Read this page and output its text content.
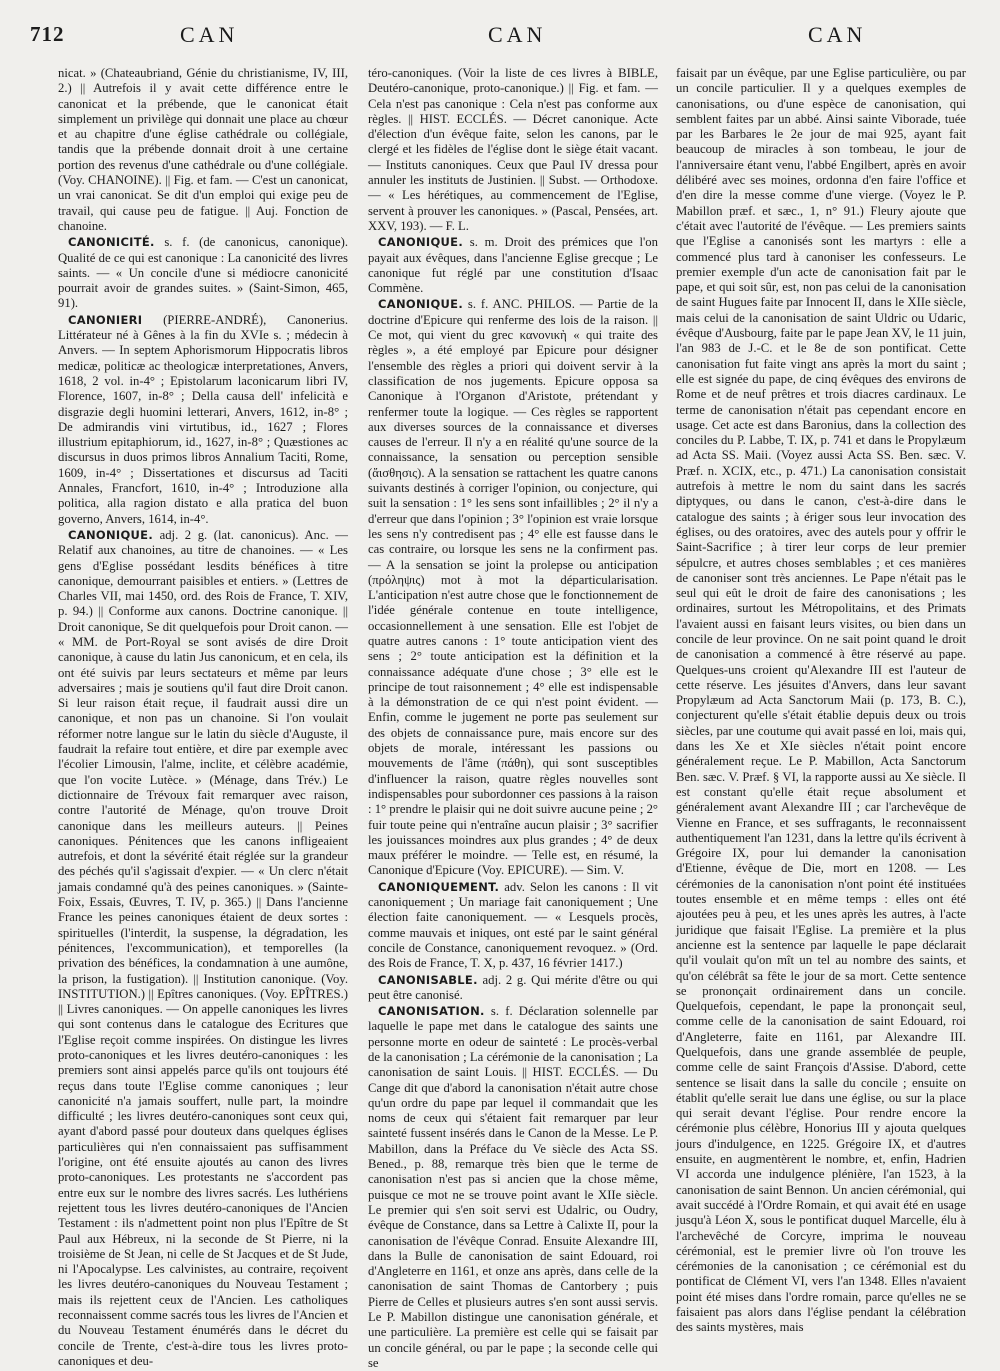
712	CAN	CAN	CAN

nicat. » (Chateaubriand, Génie du christianisme, IV, III, 2.) || Autrefois il y avait cette différence entre le canonicat et la prébende, que le canonicat était simplement un privilège qui donnait une place au chœur et au chapitre d'une église cathédrale ou collégiale, tandis que la prébende donnait droit à une certaine portion des revenus d'une cathédrale ou d'une collégiale. (Voy. CHANOINE). || Fig. et fam. — C'est un canonicat, un vrai canonicat. Se dit d'un emploi qui exige peu de travail, qui cause peu de fatigue. || Auj. Fonction de chanoine.

CANONICITÉ. s. f. (de canonicus, canonique). Qualité de ce qui est canonique : La canonicité des livres saints. — « Un concile d'une si médiocre canonicité pourrait avoir de grandes suites. » (Saint-Simon, 465, 91).

CANONIERI (PIERRE-ANDRÉ), Canonerius. Littérateur né à Gênes à la fin du XVIe s. ; médecin à Anvers. — In septem Aphorismorum Hippocratis libros medicæ, politicæ ac theologicæ interpretationes, Anvers, 1618, 2 vol. in-4° ; Epistolarum laconicarum libri IV, Florence, 1607, in-8° ; Della causa dell' infelicità e disgrazie degli huomini letterari, Anvers, 1612, in-8° ; De admirandis vini virtutibus, id., 1627 ; Flores illustrium epitaphiorum, id., 1627, in-8° ; Quæstiones ac discursus in duos primos libros Annalium Taciti, Rome, 1609, in-4° ; Dissertationes et discursus ad Taciti Annales, Francfort, 1610, in-4° ; Introduzione alla politica, alla ragion distato e alla pratica del buon governo, Anvers, 1614, in-4°.

CANONIQUE. adj. 2 g. (lat. canonicus). Anc. — Relatif aux chanoines, au titre de chanoines. — « Les gens d'Eglise possédant lesdits bénéfices à titre canonique, demourrant paisibles et entiers. » (Lettres de Charles VII, mai 1450, ord. des Rois de France, T. XIV, p. 94.) || Conforme aux canons. Doctrine canonique. || Droit canonique, Se dit quelquefois pour Droit canon. — « MM. de Port-Royal se sont avisés de dire Droit canonique, à cause du latin Jus canonicum, et en cela, ils ont été suivis par leurs sectateurs et même par leurs adversaires ; mais je soutiens qu'il faut dire Droit canon. Si leur raison était reçue, il faudrait aussi dire un canonique, et non pas un chanoine. Si l'on voulait réformer notre langue sur le latin du siècle d'Auguste, il faudrait la refaire tout entière, et dire par exemple avec l'écolier Limousin, l'alme, inclite, et célèbre académie, que l'on vocite Lutèce. » (Ménage, dans Trév.) Le dictionnaire de Trévoux fait remarquer avec raison, contre l'autorité de Ménage, qu'on trouve Droit canonique dans les meilleurs auteurs. || Peines canoniques. Pénitences que les canons infligeaient autrefois, et dont la sévérité était réglée sur la grandeur des péchés qu'il s'agissait d'expier. — « Un clerc n'était jamais condamné qu'à des peines canoniques. » (Sainte-Foix, Essais, Œuvres, T. IV, p. 365.) || Dans l'ancienne France les peines canoniques étaient de deux sortes : spirituelles (l'interdit, la suspense, la dégradation, les pénitences, l'excommunication), et temporelles (la privation des bénéfices, la condamnation à une aumône, la prison, la fustigation). || Institution canonique. (Voy. INSTITUTION.) || Epîtres canoniques. (Voy. EPÎTRES.) || Livres canoniques. — On appelle canoniques les livres qui sont contenus dans le catalogue des Ecritures que l'Eglise reçoit comme inspirées. On distingue les livres proto-canoniques et les livres deutéro-canoniques : les premiers sont ainsi appelés parce qu'ils ont toujours été reçus dans toute l'Eglise comme canoniques ; leur canonicité n'a jamais souffert, nulle part, la moindre difficulté ; les livres deutéro-canoniques sont ceux qui, ayant d'abord passé pour douteux dans quelques églises particulières qui n'en connaissaient pas suffisamment l'origine, ont été ensuite ajoutés au canon des livres proto-canoniques. Les protestants ne s'accordent pas entre eux sur le nombre des livres sacrés. Les luthériens rejettent tous les livres deutéro-canoniques de l'Ancien Testament : ils n'admettent point non plus l'Epître de St Paul aux Hébreux, ni la seconde de St Pierre, ni la troisième de St Jean, ni celle de St Jacques et de St Jude, ni l'Apocalypse. Les calvinistes, au contraire, reçoivent les livres deutéro-canoniques du Nouveau Testament ; mais ils rejettent ceux de l'Ancien. Les catholiques reconnaissent comme sacrés tous les livres de l'Ancien et du Nouveau Testament énumérés dans le décret du concile de Trente, c'est-à-dire tous les livres proto-canoniques et deu-

téro-canoniques. (Voir la liste de ces livres à BIBLE, Deutéro-canonique, proto-canonique.) || Fig. et fam. — Cela n'est pas canonique : Cela n'est pas conforme aux règles. || HIST. ECCLÉS. — Décret canonique. Acte d'élection d'un évêque faite, selon les canons, par le clergé et les fidèles de l'église dont le siège était vacant. — Instituts canoniques. Ceux que Paul IV dressa pour annuler les instituts de Justinien. || Subst. — Orthodoxe. — « Les hérétiques, au commencement de l'Eglise, servent à prouver les canoniques. » (Pascal, Pensées, art. XXV, 193). — F. L.

CANONIQUE. s. m. Droit des prémices que l'on payait aux évêques, dans l'ancienne Eglise grecque ; Le canonique fut réglé par une constitution d'Isaac Commène.

CANONIQUE. s. f. ANC. PHILOS. — Partie de la doctrine d'Epicure qui renferme des lois de la raison. || Ce mot, qui vient du grec κανονικὴ « qui traite des règles », a été employé par Epicure pour désigner l'ensemble des règles a priori qui doivent servir à la classification de nos jugements. Epicure opposa sa Canonique à l'Organon d'Aristote, prétendant y renfermer toute la logique. — Ces règles se rapportent aux diverses sources de la connaissance et diverses causes de l'erreur. Il n'y a en réalité qu'une source de la connaissance, la sensation ou perception sensible (ἄισθησις). A la sensation se rattachent les quatre canons suivants destinés à corriger l'opinion, ou conjecture, qui suit la sensation : 1° les sens sont infaillibles ; 2° il n'y a d'erreur que dans l'opinion ; 3° l'opinion est vraie lorsque les sens n'y contredisent pas ; 4° elle est fausse dans le cas contraire, ou lorsque les sens ne la confirment pas. — A la sensation se joint la prolepse ou anticipation (πρόληψις) mot à mot la départicularisation. L'anticipation n'est autre chose que le fonctionnement de l'idée générale contenue en toute intelligence, occasionnellement à une sensation. Elle est l'objet de quatre autres canons : 1° toute anticipation vient des sens ; 2° toute anticipation est la définition et la connaissance adéquate d'une chose ; 3° elle est le principe de tout raisonnement ; 4° elle est indispensable à la démonstration de ce qui n'est point évident. — Enfin, comme le jugement ne porte pas seulement sur des objets de connaissance pure, mais encore sur des objets de morale, intéressant les passions ou mouvements de l'âme (πάθη), qui sont susceptibles d'influencer la raison, quatre règles nouvelles sont indispensables pour subordonner ces passions à la raison : 1° prendre le plaisir qui ne doit suivre aucune peine ; 2° fuir toute peine qui n'entraîne aucun plaisir ; 3° sacrifier les jouissances moindres aux plus grandes ; 4° de deux maux préférer le moindre. — Telle est, en résumé, la Canonique d'Epicure (Voy. EPICURE). — Sim. V.

CANONIQUEMENT. adv. Selon les canons : Il vit canoniquement ; Un mariage fait canoniquement ; Une élection faite canoniquement. — « Lesquels procès, comme mauvais et iniques, ont esté par le saint général concile de Constance, canoniquement revoquez. » (Ord. des Rois de France, T. X, p. 437, 16 février 1417.)

CANONISABLE. adj. 2 g. Qui mérite d'être ou qui peut être canonisé.

CANONISATION. s. f. Déclaration solennelle par laquelle le pape met dans le catalogue des saints une personne morte en odeur de sainteté : Le procès-verbal de la canonisation ; La cérémonie de la canonisation ; La canonisation de saint Louis. || HIST. ECCLÉS. — Du Cange dit que d'abord la canonisation n'était autre chose qu'un ordre du pape par lequel il commandait que les noms de ceux qui s'étaient fait remarquer par leur sainteté fussent insérés dans le Canon de la Messe. Le P. Mabillon, dans la Préface du Ve siècle des Acta SS. Bened., p. 88, remarque très bien que le terme de canonisation n'est pas si ancien que la chose même, puisque ce mot ne se trouve point avant le XIIe siècle. Le premier qui s'en soit servi est Udalric, ou Oudry, évêque de Constance, dans sa Lettre à Calixte II, pour la canonisation de l'évêque Conrad. Ensuite Alexandre III, dans la Bulle de canonisation de saint Edouard, roi d'Angleterre en 1161, et onze ans après, dans celle de la canonisation de saint Thomas de Cantorbery ; puis Pierre de Celles et plusieurs autres s'en sont aussi servis. Le P. Mabillon distingue une canonisation générale, et une particulière. La première est celle qui se faisait par un concile général, ou par le pape ; la seconde celle qui se

faisait par un évêque, par une Eglise particulière, ou par un concile particulier. Il y a quelques exemples de canonisations, ou d'une espèce de canonisation, qui semblent faites par un abbé. Ainsi sainte Viborade, tuée par les Barbares le 2e jour de mai 925, ayant fait beaucoup de miracles à son tombeau, le jour de l'anniversaire étant venu, l'abbé Engilbert, après en avoir délibéré avec ses moines, ordonna d'en faire l'office et d'en dire la messe comme d'une vierge. (Voyez le P. Mabillon præf. et sæc., 1, n° 91.) Fleury ajoute que c'était avec l'autorité de l'évêque. — Les premiers saints que l'Eglise a canonisés sont les martyrs : elle a commencé plus tard à canoniser les confesseurs. Le premier exemple d'un acte de canonisation fait par le pape, et qui soit sûr, est, non pas celui de la canonisation de saint Hugues faite par Innocent II, dans le XIIe siècle, mais celui de la canonisation de saint Uldric ou Udaric, évêque d'Ausbourg, faite par le pape Jean XV, le 11 juin, l'an 983 de J.-C. et le 8e de son pontificat. Cette canonisation fut faite vingt ans après la mort du saint ; elle est signée du pape, de cinq évêques des environs de Rome et de neuf prêtres et trois diacres cardinaux. Le terme de canonisation n'était pas cependant encore en usage. Cet acte est dans Baronius, dans la collection des conciles du P. Labbe, T. IX, p. 741 et dans le Propylæum ad Acta SS. Maii. (Voyez aussi Acta SS. Ben. sæc. V. Præf. n. XCIX, etc., p. 471.) La canonisation consistait autrefois à mettre le nom du saint dans les sacrés diptyques, ou dans le canon, c'est-à-dire dans le catalogue des saints ; à ériger sous leur invocation des églises, ou des oratoires, avec des autels pour y offrir le Saint-Sacrifice ; à tirer leur corps de leur premier sépulcre, et autres choses semblables ; et ces manières de canoniser sont très anciennes. Le Pape n'était pas le seul qui eût le droit de faire des canonisations ; les ordinaires, surtout les Métropolitains, et des Primats l'avaient aussi en faisant leurs visites, ou bien dans un concile de leur province. On ne sait point quand le droit de canonisation a commencé à être réservé au pape. Quelques-uns croient qu'Alexandre III est l'auteur de cette réserve. Les jésuites d'Anvers, dans leur savant Propylæum ad Acta Sanctorum Maii (p. 173, B. C.), conjecturent qu'elle s'était établie depuis deux ou trois siècles, par une coutume qui avait passé en loi, mais qui, dans les Xe et XIe siècles n'était point encore généralement reçue. Le P. Mabillon, Acta Sanctorum Ben. sæc. V. Præf. § VI, la rapporte aussi au Xe siècle. Il est constant qu'elle était reçue absolument et généralement avant Alexandre III ; car l'archevêque de Vienne en France, et ses suffragants, le reconnaissent authentiquement l'an 1231, dans la lettre qu'ils écrivent à Grégoire IX, pour lui demander la canonisation d'Etienne, évêque de Die, mort en 1208. — Les cérémonies de la canonisation n'ont point été instituées toutes ensemble et en même temps : elles ont été ajoutées peu à peu, et les unes après les autres, à l'acte juridique que faisait l'Eglise. La première et la plus ancienne est la sentence par laquelle le pape déclarait qu'il voulait qu'on mît un tel au nombre des saints, et qu'on célébrât sa fête le jour de sa mort. Cette sentence se prononçait ordinairement dans un concile. Quelquefois, cependant, le pape la prononçait seul, comme celle de la canonisation de saint Edouard, roi d'Angleterre, faite en 1161, par Alexandre III. Quelquefois, dans une grande assemblée de peuple, comme celle de saint François d'Assise. D'abord, cette sentence se lisait dans la salle du concile ; ensuite on établit qu'elle serait lue dans une église, ou sur la place qui serait devant l'église. Pour rendre encore la cérémonie plus célèbre, Honorius III y ajouta quelques jours d'indulgence, en 1225. Grégoire IX, et d'autres ensuite, en augmentèrent le nombre, et, enfin, Hadrien VI accorda une indulgence plénière, l'an 1523, à la canonisation de saint Bennon. Un ancien cérémonial, qui avait succédé à l'Ordre Romain, et qui avait été en usage jusqu'à Léon X, sous le pontificat duquel Marcelle, élu à l'archevêché de Corcyre, imprima le nouveau cérémonial, est le premier livre où l'on trouve les cérémonies de la canonisation ; ce cérémonial est du pontificat de Clément VI, vers l'an 1348. Elles n'avaient point été mises dans l'ordre romain, parce qu'elles ne se faisaient pas alors dans l'église pendant la célébration des saints mystères, mais
